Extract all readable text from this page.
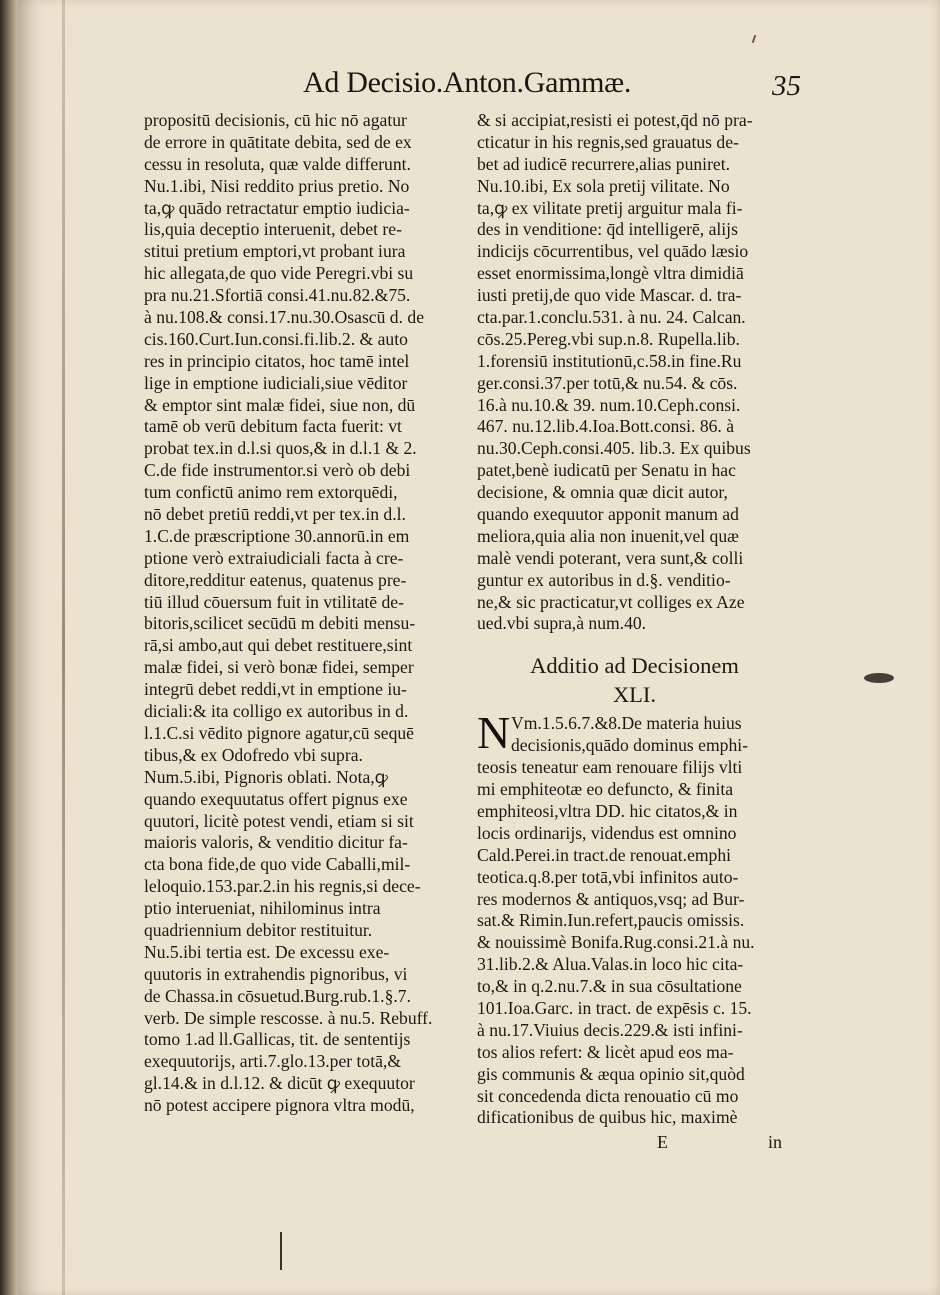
Ad Decisio.Anton.Gammæ.	35
propositū decisionis, cū hic nō agatur
de errore in quātitate debita, sed de ex
cessu in resoluta, quæ valde differunt.
Nu.1.ibi, Nisi reddito prius pretio. No
ta,ꝙ quādo retractatur emptio iudicia-
lis,quia deceptio interuenit, debet re-
stitui pretium emptori,vt probant iura
hic allegata,de quo vide Peregri.vbi su
pra nu.21.Sfortiā consi.41.nu.82.&75.
à nu.108.& consi.17.nu.30.Osascū d. de
cis.160.Curt.Iun.consi.fi.lib.2. & auto
res in principio citatos, hoc tamē intel
lige in emptione iudiciali,siue vēditor
& emptor sint malæ fidei, siue non, dū
tamē ob verū debitum facta fuerit: vt
probat tex.in d.l.si quos,& in d.l.1 & 2.
C.de fide instrumentor.si verò ob debi
tum confictū animo rem extorquēdi,
nō debet pretiū reddi,vt per tex.in d.l.
1.C.de præscriptione 30.annorū.in em
ptione verò extraiudiciali facta à cre-
ditore,redditur eatenus, quatenus pre-
tiū illud cōuersum fuit in vtilitatē de-
bitoris,scilicet secūdū m debiti mensu-
rā,si ambo,aut qui debet restituere,sint
malæ fidei, si verò bonæ fidei, semper
integrū debet reddi,vt in emptione iu-
diciali:& ita colligo ex autoribus in d.
l.1.C.si vēdito pignore agatur,cū sequē
tibus,& ex Odofredo vbi supra.
Num.5.ibi, Pignoris oblati. Nota,ꝙ
quando exequutatus offert pignus exe
quutori, licitè potest vendi, etiam si sit
maioris valoris, & venditio dicitur fa-
cta bona fide,de quo vide Caballi,mil-
leloquio.153.par.2.in his regnis,si dece-
ptio interueniat, nihilominus intra
quadriennium debitor restituitur.
Nu.5.ibi tertia est. De excessu exe-
quutoris in extrahendis pignoribus, vi
de Chassa.in cōsuetud.Burg.rub.1.§.7.
verb. De simple rescosse. à nu.5. Rebuff.
tomo 1.ad ll.Gallicas, tit. de sententijs
exequutorijs, arti.7.glo.13.per totā,&
gl.14.& in d.l.12. & dicūt ꝙ exequutor
nō potest accipere pignora vltra modū,
& si accipiat,resisti ei potest,q̄d nō pra-
cticatur in his regnis,sed grauatus de-
bet ad iudicē recurrere,alias puniret.
Nu.10.ibi, Ex sola pretij vilitate. No
ta,ꝙ ex vilitate pretij arguitur mala fi-
des in venditione: q̄d intelligerē, alijs
indicijs cōcurrentibus, vel quādo læsio
esset enormissima,longè vltra dimidiā
iusti pretij,de quo vide Mascar. d. tra-
cta.par.1.conclu.531. à nu. 24. Calcan.
cōs.25.Pereg.vbi sup.n.8. Rupella.lib.
1.forensiū institutionū,c.58.in fine.Ru
ger.consi.37.per totū,& nu.54. & cōs.
16.à nu.10.& 39. num.10.Ceph.consi.
467. nu.12.lib.4.Ioa.Bott.consi. 86. à
nu.30.Ceph.consi.405. lib.3. Ex quibus
patet,benè iudicatū per Senatu in hac
decisione, & omnia quæ dicit autor,
quando exequutor apponit manum ad
meliora,quia alia non inuenit,vel quæ
malè vendi poterant, vera sunt,& colli
guntur ex autoribus in d.§. venditio-
ne,& sic practicatur,vt colliges ex Aze
ued.vbi supra,à num.40.
Additio ad Decisionem
XLI.
N Vm.1.5.6.7.&8.De materia huius
decisionis,quādo dominus emphi-
teosis teneatur eam renouare filijs vlti
mi emphiteotæ eo defuncto, & finita
emphiteosi,vltra DD. hic citatos,& in
locis ordinarijs, videndus est omnino
Cald.Perei.in tract.de renouat.emphi
teotica.q.8.per totā,vbi infinitos auto-
res modernos & antiquos,vsq; ad Bur-
sat.& Rimin.Iun.refert,paucis omissis.
& nouissimè Bonifa.Rug.consi.21.à nu.
31.lib.2.& Alua.Valas.in loco hic cita-
to,& in q.2.nu.7.& in sua cōsultatione
101.Ioa.Garc. in tract. de expēsis c. 15.
à nu.17.Viuius decis.229.& isti infini-
tos alios refert: & licèt apud eos ma-
gis communis & æqua opinio sit,quòd
sit concedenda dicta renouatio cū mo
dificationibus de quibus hic, maximè
E	in
